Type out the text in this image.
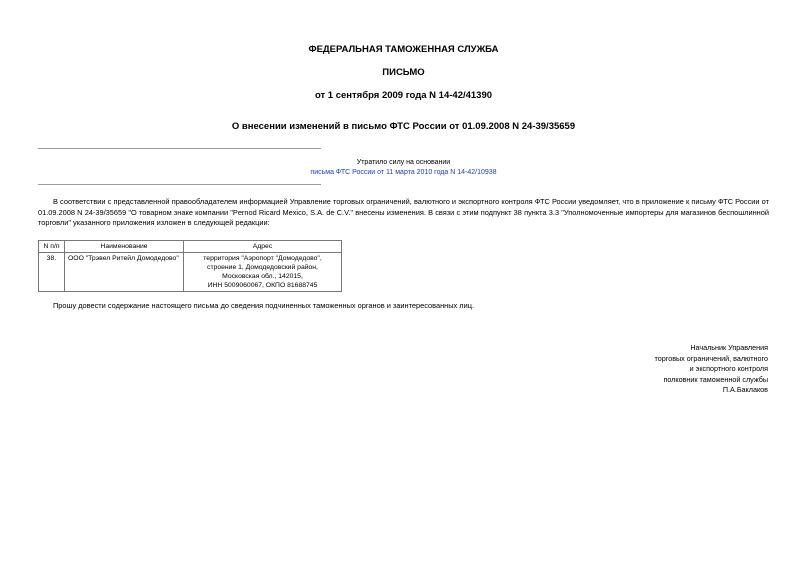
ФЕДЕРАЛЬНАЯ ТАМОЖЕННАЯ СЛУЖБА
ПИСЬМО
от 1 сентября 2009 года N 14-42/41390
О внесении изменений в письмо ФТС России от 01.09.2008 N 24-39/35659
Утратило силу на основании
письма ФТС России от 11 марта 2010 года N 14-42/10938
В соответствии с представленной правообладателем информацией Управление торговых ограничений, валютного и экспортного контроля ФТС России уведомляет, что в приложение к письму ФТС России от 01.09.2008 N 24-39/35659 "О товарном знаке компании "Pernod Ricard Mexico, S.A. de C.V." внесены изменения. В связи с этим подпункт 38 пункта 3.3 "Уполномоченные импортеры для магазинов беспошлинной торговли" указанного приложения изложен в следующей редакции:
N п/п	Наименование	Адрес
38.	ООО "Трэвел Ритейл Домодедово"	территория "Аэропорт "Домодедово",
строение 1, Домодедовский район,
Московская обл., 142015,
ИНН 5009060067, ОКПО 81688745
Прошу довести содержание настоящего письма до сведения подчиненных таможенных органов и заинтересованных лиц.
Начальник Управления
торговых ограничений, валютного
и экспортного контроля
полковник таможенной службы
П.А.Баклаков
